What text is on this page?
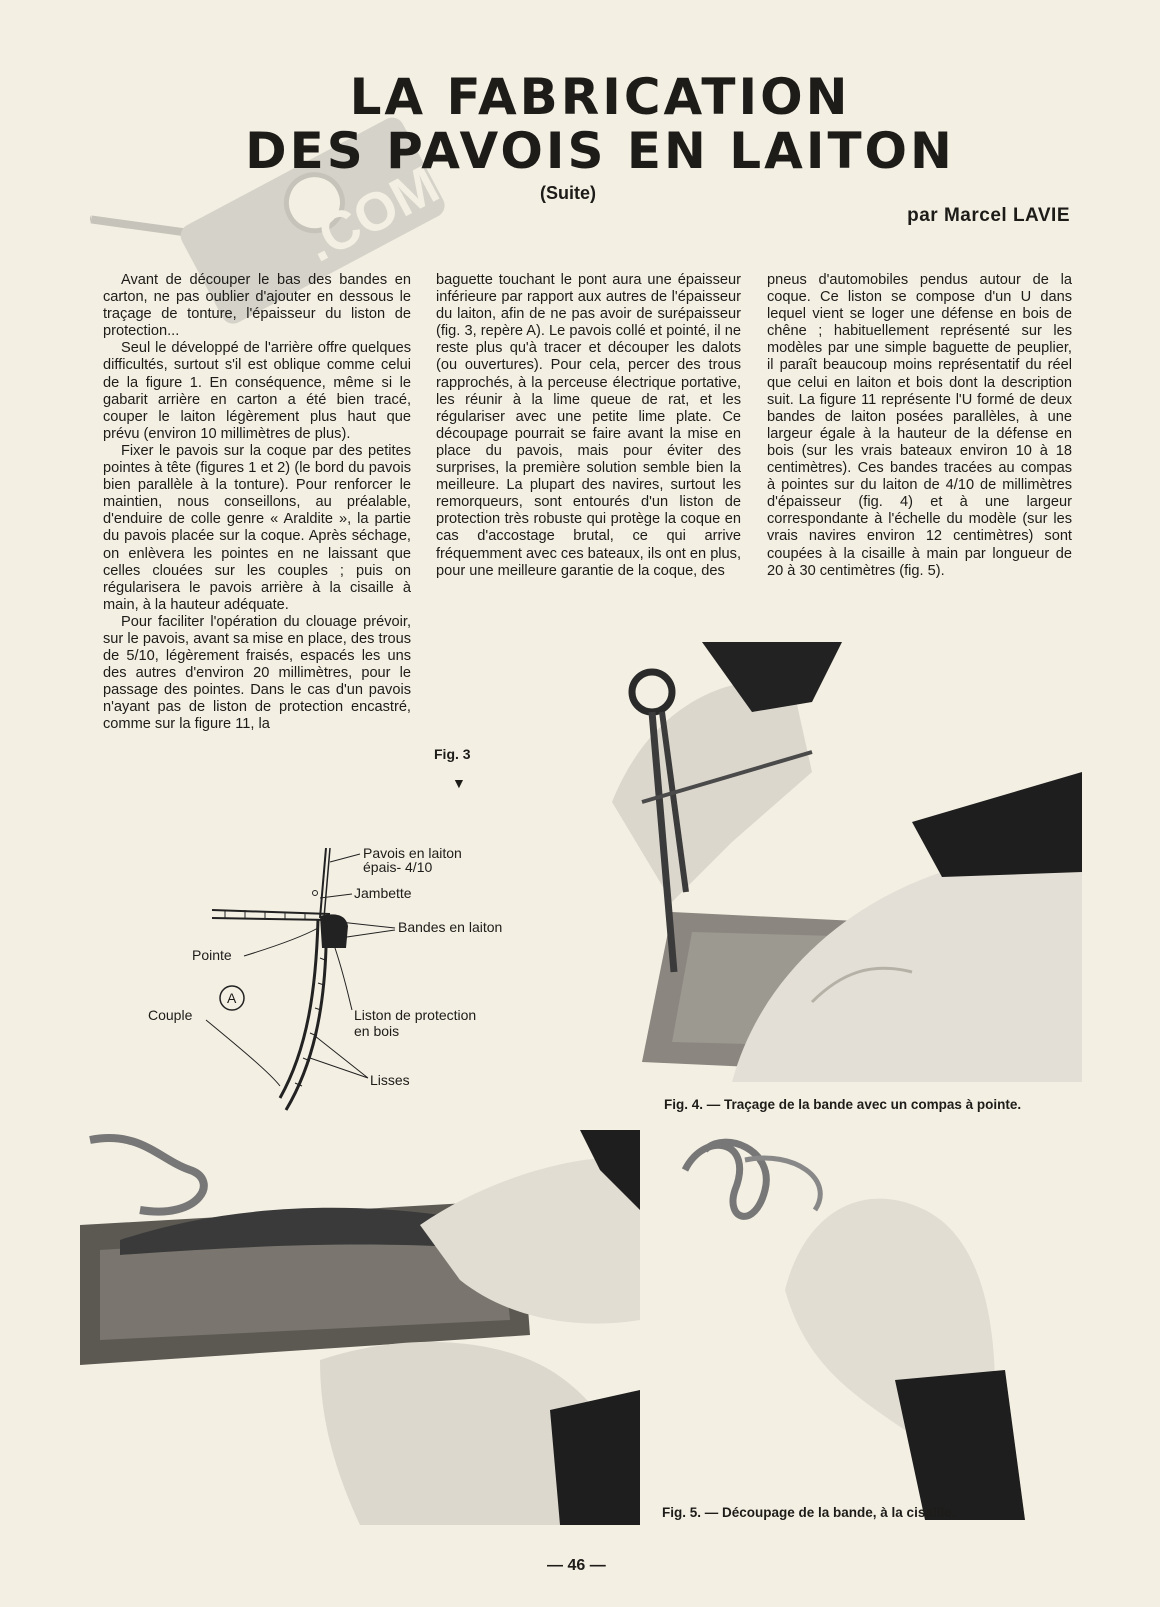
.COM
LA FABRICATION
DES PAVOIS EN LAITON
(Suite)
par Marcel LAVIE

Avant de découper le bas des bandes en carton, ne pas oublier d'ajouter en dessous le traçage de tonture, l'épaisseur du liston de protection...

Seul le développé de l'arrière offre quelques difficultés, surtout s'il est oblique comme celui de la figure 1. En conséquence, même si le gabarit arrière en carton a été bien tracé, couper le laiton légèrement plus haut que prévu (environ 10 millimètres de plus).

Fixer le pavois sur la coque par des petites pointes à tête (figures 1 et 2) (le bord du pavois bien parallèle à la tonture). Pour renforcer le maintien, nous conseillons, au préalable, d'enduire de colle genre « Araldite », la partie du pavois placée sur la coque. Après séchage, on enlèvera les pointes en ne laissant que celles clouées sur les couples ; puis on régularisera le pavois arrière à la cisaille à main, à la hauteur adéquate.

Pour faciliter l'opération du clouage prévoir, sur le pavois, avant sa mise en place, des trous de 5/10, légèrement fraisés, espacés les uns des autres d'environ 20 millimètres, pour le passage des pointes. Dans le cas d'un pavois n'ayant pas de liston de protection encastré, comme sur la figure 11, la

baguette touchant le pont aura une épaisseur inférieure par rapport aux autres de l'épaisseur du laiton, afin de ne pas avoir de surépaisseur (fig. 3, repère A). Le pavois collé et pointé, il ne reste plus qu'à tracer et découper les dalots (ou ouvertures). Pour cela, percer des trous rapprochés, à la perceuse électrique portative, les réunir à la lime queue de rat, et les régulariser avec une petite lime plate. Ce découpage pourrait se faire avant la mise en place du pavois, mais pour éviter des surprises, la première solution semble bien la meilleure. La plupart des navires, surtout les remorqueurs, sont entourés d'un liston de protection très robuste qui protège la coque en cas d'accostage brutal, ce qui arrive fréquemment avec ces bateaux, ils ont en plus, pour une meilleure garantie de la coque, des

pneus d'automobiles pendus autour de la coque. Ce liston se compose d'un U dans lequel vient se loger une défense en bois de chêne ; habituellement représenté sur les modèles par une simple baguette de peuplier, il paraît beaucoup moins représentatif du réel que celui en laiton et bois dont la description suit. La figure 11 représente l'U formé de deux bandes de laiton posées parallèles, à une largeur égale à la hauteur de la défense en bois (sur les vrais bateaux environ 10 à 18 centimètres). Ces bandes tracées au compas à pointes sur du laiton de 4/10 de millimètres d'épaisseur (fig. 4) et à une largeur correspondante à l'échelle du modèle (sur les vrais navires environ 12 centimètres) sont coupées à la cisaille à main par longueur de 20 à 30 centimètres (fig. 5).

Fig. 3
▼
Pavois en laiton
épais- 4/10
Jambette
Bandes en laiton
Pointe
A
Couple	Liston de protection
en bois
Lisses

Fig. 4. — Traçage de la bande avec un compas à pointe.

Fig. 5. — Découpage de la bande, à la cisaille.

— 46 —
